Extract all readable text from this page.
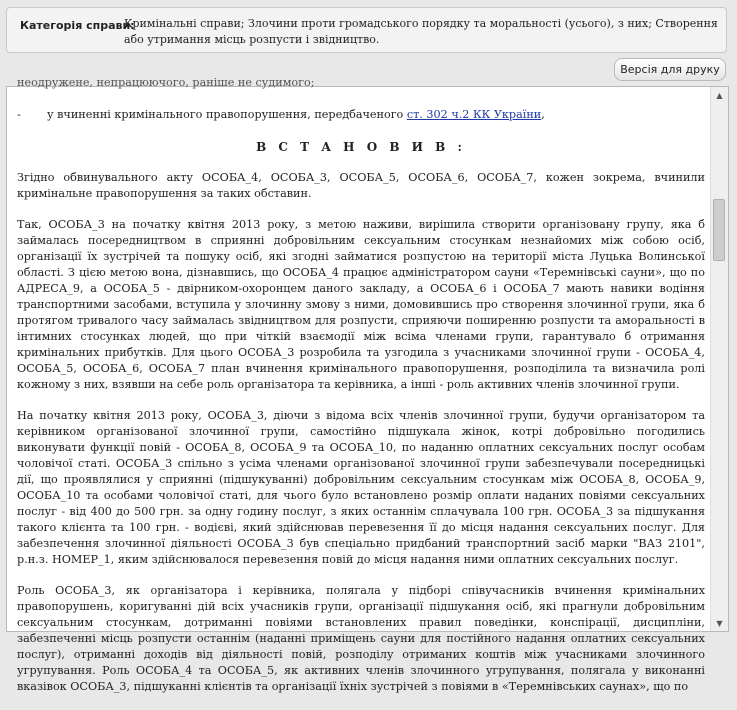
Категорія справи:
Кримінальні справи; Злочини проти громадського порядку та моральності (усього), з них; Створення або утримання місць розпусти і звідництво.
Версія для друку

неодружене, непрацюючого, раніше не судимого;

-	у вчиненні кримінального правопорушення, передбаченого ст. 302 ч.2 КК України,

В С Т А Н О В И В :

Згідно обвинувального акту ОСОБА_4, ОСОБА_3, ОСОБА_5, ОСОБА_6, ОСОБА_7, кожен зокрема, вчинили кримінальне правопорушення за таких обставин.

Так, ОСОБА_3 на початку квітня 2013 року, з метою наживи, вирішила створити організовану групу, яка б займалась посередництвом в сприянні добровільним сексуальним стосункам незнайомих між собою осіб, організації їх зустрічей та пошуку осіб, які згодні займатися розпустою на території міста Луцька Волинської області. З цією метою вона, дізнавшись, що ОСОБА_4 працює адміністратором сауни «Теремнівські сауни», що по АДРЕСА_9, а ОСОБА_5 - двірником-охоронцем даного закладу, а ОСОБА_6 і ОСОБА_7 мають навики водіння транспортними засобами, вступила у злочинну змову з ними, домовившись про створення злочинної групи, яка б протягом тривалого часу займалась звідництвом для розпусти, сприяючи поширенню розпусти та аморальності в інтимних стосунках людей, що при чіткій взаємодії між всіма членами групи, гарантувало б отримання кримінальних прибутків. Для цього ОСОБА_3 розробила та узгодила з учасниками злочинної групи - ОСОБА_4, ОСОБА_5, ОСОБА_6, ОСОБА_7 план вчинення кримінального правопорушення, розподілила та визначила ролі кожному з них, взявши на себе роль організатора та керівника, а інші - роль активних членів злочинної групи.

На початку квітня 2013 року, ОСОБА_3, діючи з відома всіх членів злочинної групи, будучи організатором та керівником організованої злочинної групи, самостійно підшукала жінок, котрі добровільно погодились виконувати функції повій - ОСОБА_8, ОСОБА_9 та ОСОБА_10, по наданню оплатних сексуальних послуг особам чоловічої статі. ОСОБА_3 спільно з усіма членами організованої злочинної групи забезпечували посередницькі дії, що проявлялися у сприянні (підшукуванні) добровільним сексуальним стосункам між ОСОБА_8, ОСОБА_9, ОСОБА_10 та особами чоловічої статі, для чього було встановлено розмір оплати наданих повіями сексуальних послуг - від 400 до 500 грн. за одну годину послуг, з яких останнім сплачувала 100 грн. ОСОБА_3 за підшукання такого клієнта та 100 грн. - водієві, який здійснював перевезення її до місця надання сексуальних послуг. Для забезпечення злочинної діяльності ОСОБА_3 був спеціально придбаний транспортний засіб марки "ВАЗ 2101", р.н.з. НОМЕР_1, яким здійснювалося перевезення повій до місця надання ними оплатних сексуальних послуг.

Роль ОСОБА_3, як організатора і керівника, полягала у підборі співучасників вчинення кримінальних правопорушень, коригуванні дій всіх учасників групи, організації підшукання осіб, які прагнули добровільним сексуальним стосункам, дотриманні повіями встановлених правил поведінки, конспірації, дисципліни, забезпеченні місць розпусти останнім (наданні приміщень сауни для постійного надання оплатних сексуальних послуг), отриманні доходів від діяльності повій, розподілу отриманих коштів між учасниками злочинного угрупування. Роль ОСОБА_4 та ОСОБА_5, як активних членів злочинного угрупування, полягала у виконанні вказівок ОСОБА_3, підшуканні клієнтів та організації їхніх зустрічей з повіями в «Теремнівських саунах», що по

▲
▼
